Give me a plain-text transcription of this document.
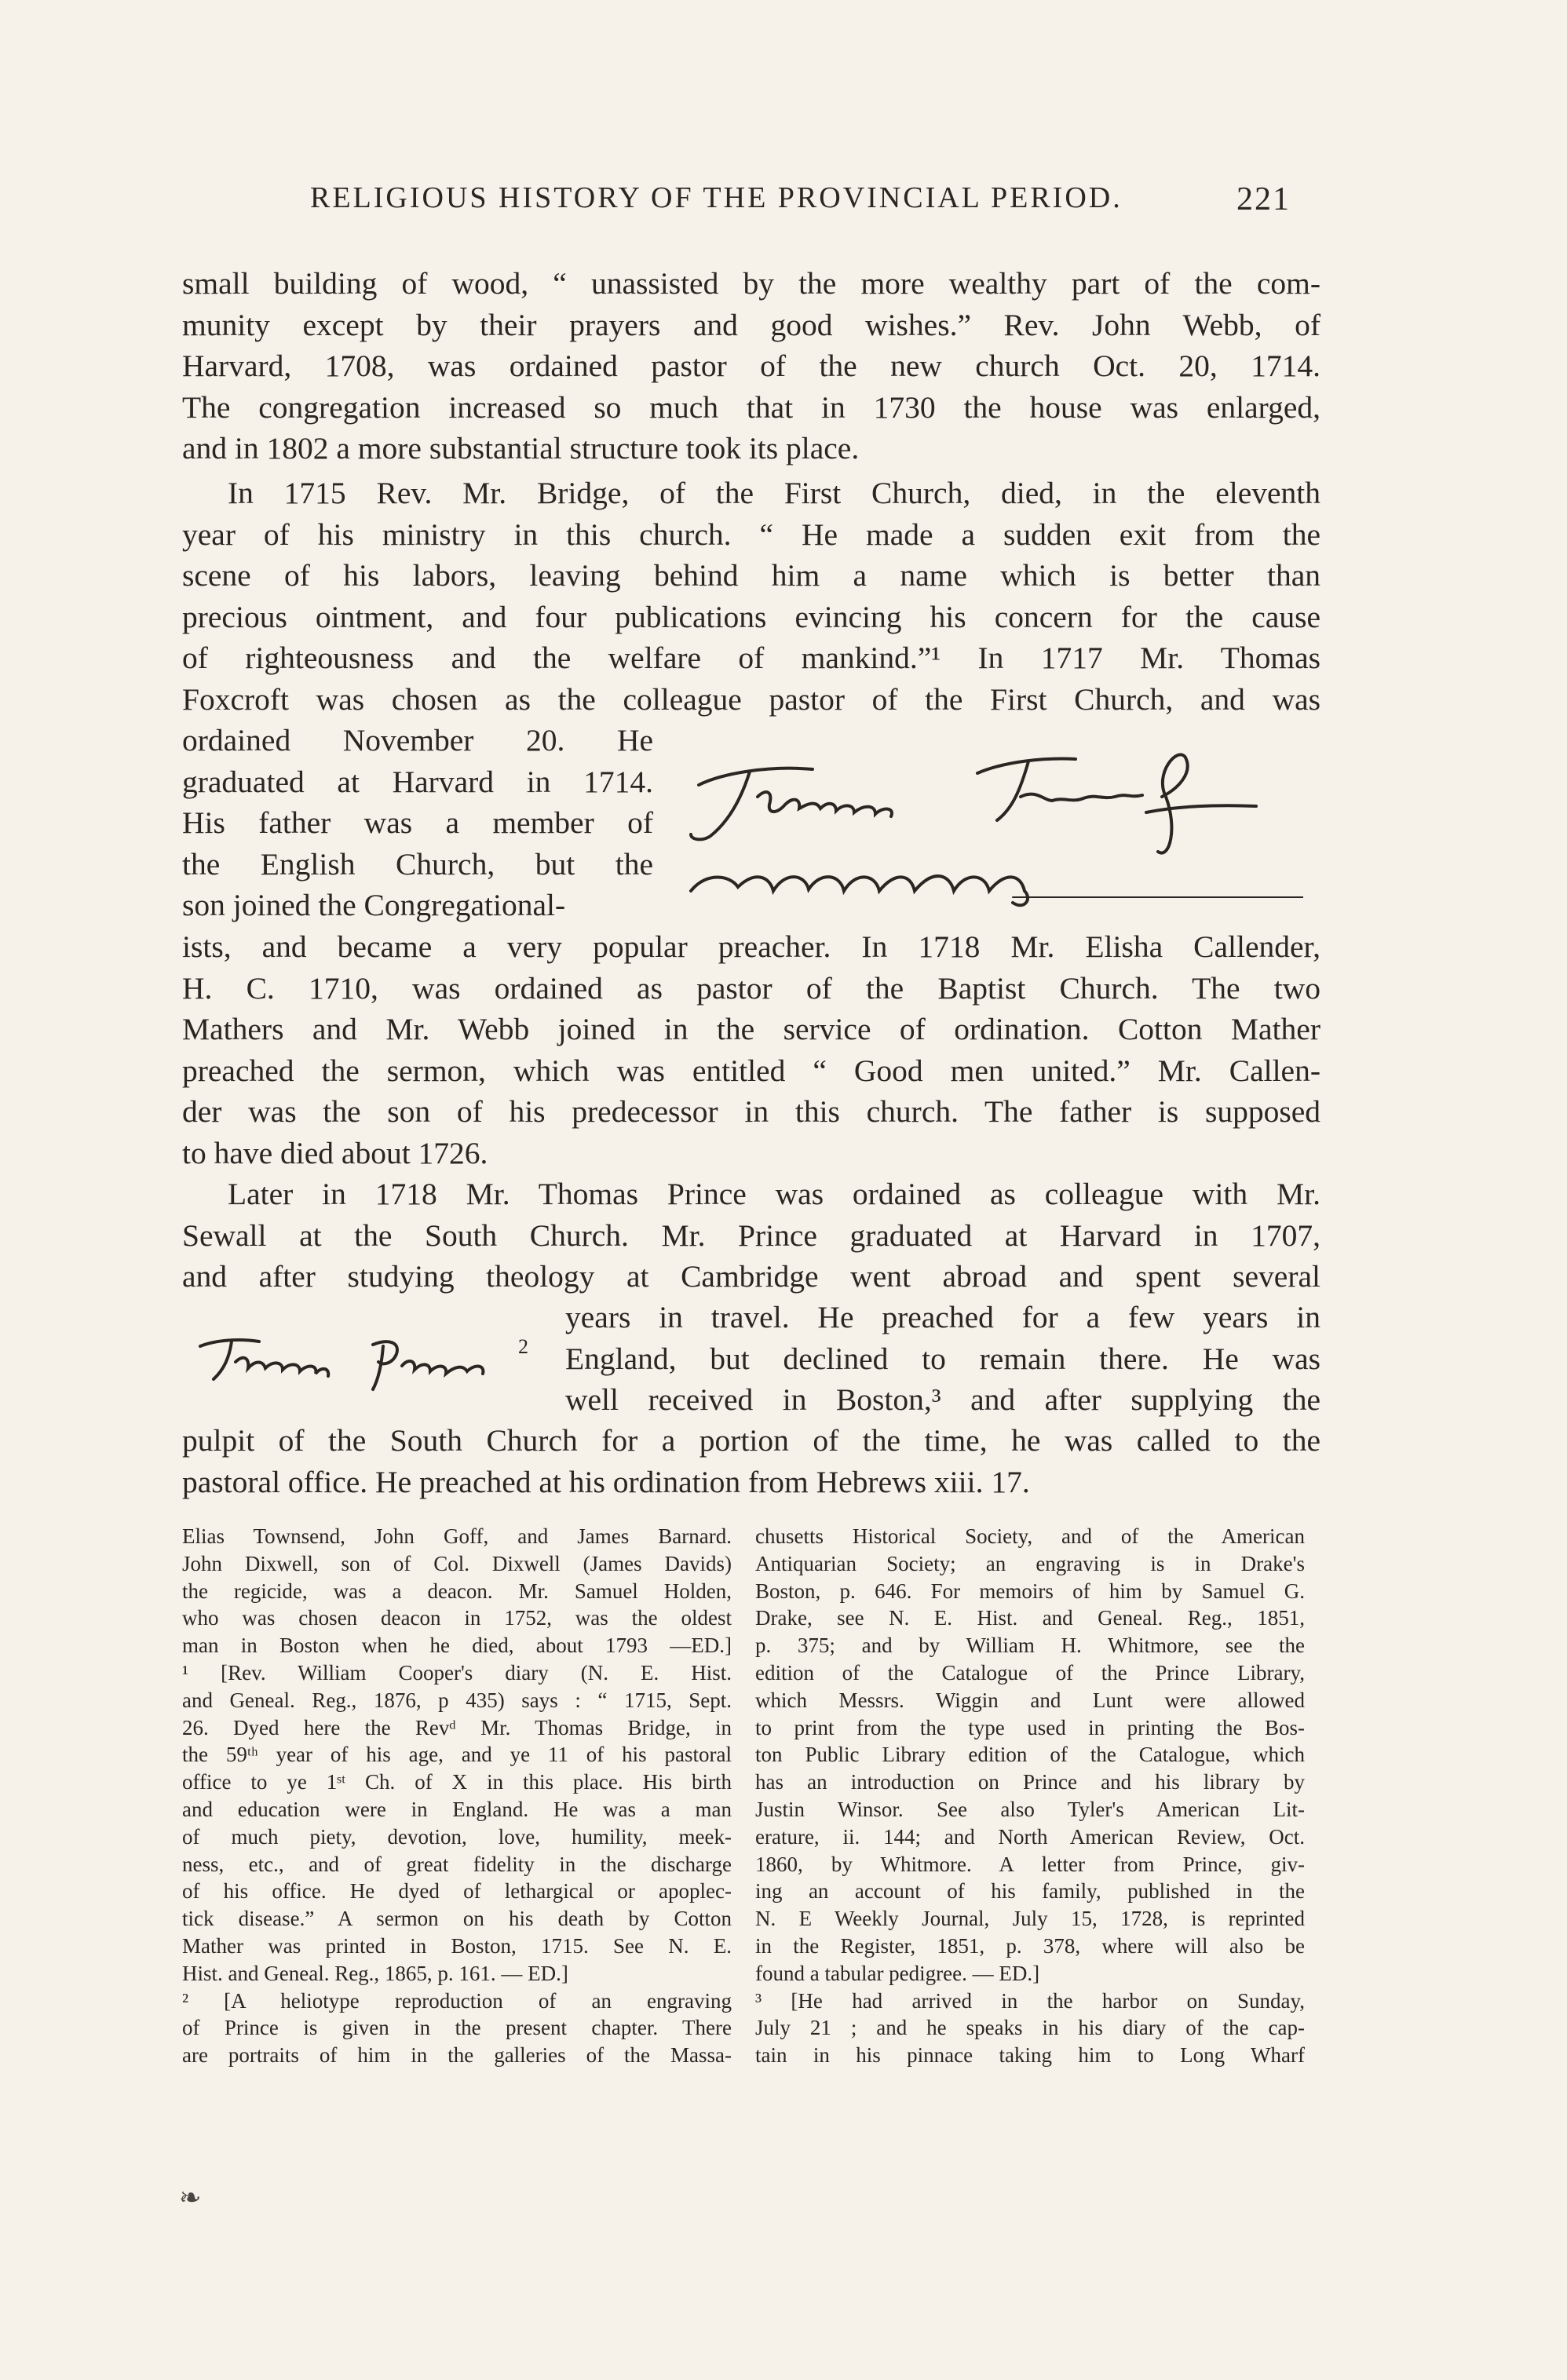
RELIGIOUS HISTORY OF THE PROVINCIAL PERIOD.	221
small building of wood, “ unassisted by the more wealthy part of the com-
munity except by their prayers and good wishes.” Rev. John Webb, of
Harvard, 1708, was ordained pastor of the new church Oct. 20, 1714.
The congregation increased so much that in 1730 the house was enlarged,
and in 1802 a more substantial structure took its place.
In 1715 Rev. Mr. Bridge, of the First Church, died, in the eleventh
year of his ministry in this church. “ He made a sudden exit from the
scene of his labors, leaving behind him a name which is better than
precious ointment, and four publications evincing his concern for the cause
of righteousness and the welfare of mankind.”¹ In 1717 Mr. Thomas
Foxcroft was chosen as the colleague pastor of the First Church, and was
ordained November 20. He
graduated at Harvard in 1714.
His father was a member of
the English Church, but the
son joined the Congregational-
ists, and became a very popular preacher. In 1718 Mr. Elisha Callender,
H. C. 1710, was ordained as pastor of the Baptist Church. The two
Mathers and Mr. Webb joined in the service of ordination. Cotton Mather
preached the sermon, which was entitled “ Good men united.” Mr. Callen-
der was the son of his predecessor in this church. The father is supposed
to have died about 1726.
Later in 1718 Mr. Thomas Prince was ordained as colleague with Mr.
Sewall at the South Church. Mr. Prince graduated at Harvard in 1707,
and after studying theology at Cambridge went abroad and spent several
years in travel. He preached for a few years in
England, but declined to remain there. He was
well received in Boston,³ and after supplying the
2
pulpit of the South Church for a portion of the time, he was called to the
pastoral office. He preached at his ordination from Hebrews xiii. 17.

Elias Townsend, John Goff, and James Barnard.

John Dixwell, son of Col. Dixwell (James Davids)

the regicide, was a deacon. Mr. Samuel Holden,

who was chosen deacon in 1752, was the oldest

man in Boston when he died, about 1793 —ED.]

¹ [Rev. William Cooper's diary (N. E. Hist.

and Geneal. Reg., 1876, p 435) says : “ 1715, Sept.

26. Dyed here the Revᵈ Mr. Thomas Bridge, in

the 59ᵗʰ year of his age, and ye 11 of his pastoral

office to ye 1ˢᵗ Ch. of X in this place. His birth

and education were in England. He was a man

of much piety, devotion, love, humility, meek-

ness, etc., and of great fidelity in the discharge

of his office. He dyed of lethargical or apoplec-

tick disease.” A sermon on his death by Cotton

Mather was printed in Boston, 1715. See N. E.

Hist. and Geneal. Reg., 1865, p. 161. — ED.]

² [A heliotype reproduction of an engraving

of Prince is given in the present chapter. There

are portraits of him in the galleries of the Massa-

chusetts Historical Society, and of the American

Antiquarian Society; an engraving is in Drake's

Boston, p. 646. For memoirs of him by Samuel G.

Drake, see N. E. Hist. and Geneal. Reg., 1851,

p. 375; and by William H. Whitmore, see the

edition of the Catalogue of the Prince Library,

which Messrs. Wiggin and Lunt were allowed

to print from the type used in printing the Bos-

ton Public Library edition of the Catalogue, which

has an introduction on Prince and his library by

Justin Winsor. See also Tyler's American Lit-

erature, ii. 144; and North American Review, Oct.

1860, by Whitmore. A letter from Prince, giv-

ing an account of his family, published in the

N. E Weekly Journal, July 15, 1728, is reprinted

in the Register, 1851, p. 378, where will also be

found a tabular pedigree. — ED.]

³ [He had arrived in the harbor on Sunday,

July 21 ; and he speaks in his diary of the cap-

tain in his pinnace taking him to Long Wharf

❧
